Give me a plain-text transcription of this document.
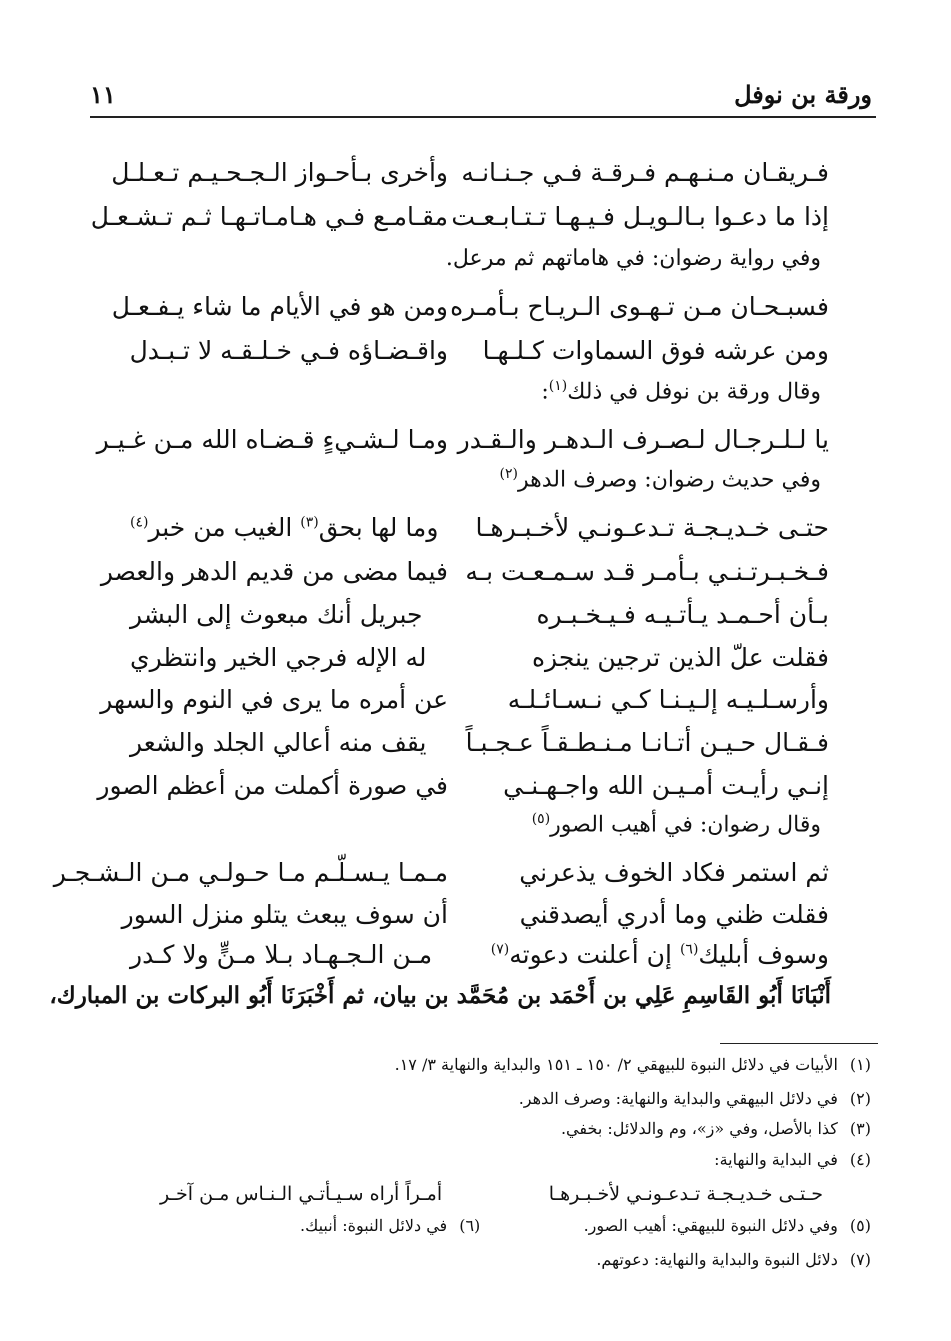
ورقة بن نوفل
١١
فـريقـان مـنـهـم فـرقـة فـي جـنـانـه
وأخرى بـأحـواز الـجـحـيـم تـعـلـل
إذا ما دعـوا بـالـويـل فـيـهـا تـتـابـعـت
مقـامـع فـي هـامـاتـهـا ثـم تـشـعـل
وفي رواية رضوان: في هاماتهم ثم مرعل.
فسبـحـان مـن تـهـوى الـريـاح بـأمـره
ومن هو في الأيام ما شاء يـفـعـل
ومن عرشه فوق السماوات كـلـهـا
واقـضـاؤه فـي خـلـقـه لا تـبـدل
وقال ورقة بن نوفل في ذلك$^{(١)}$:
يا لـلـرجـال لـصـرف الـدهـر والـقـدر
ومـا لـشـيءٍ قـضـاه الله مـن غـيـر
وفي حديث رضوان: وصرف الدهر$^{(٢)}$
حتـى خـديـجـة تـدعـونـي لأخـبـرهـا
وما لها بحق$^{(٣)}$ الغيب من خبر$^{(٤)}$
فـخـبـرتـنـي بـأمـر قـد سـمـعـت بـه
فيما مضى من قديم الدهر والعصر
بـأن أحـمـد يـأتـيـه فـيـخـبـره
جبريل أنك مبعوث إلى البشر
فقلت علّ الذين ترجين ينجزه
له الإله فرجي الخير وانتظري
وأرسـلـيـه إلـيـنـا كـي نـسـائـلـه
عن أمره ما يرى في النوم والسهر
فـقـال حـيـن أتـانـا مـنـطـقـاً عـجـبـاً
يقف منه أعالي الجلد والشعر
إنـي رأيـت أمـيـن الله واجـهـنـي
في صورة أكملت من أعظم الصور
وقال رضوان: في أهيب الصور$^{(٥)}$
ثم استمر فكاد الخوف يذعرني
مـمـا يـسـلّـم مـا حـولـي مـن الـشـجـر
فقلت ظني وما أدري أيصدقني
أن سوف يبعث يتلو منزل السور
وسوف أبليك$^{(٦)}$ إن أعلنت دعوته$^{(٧)}$
مـن الـجـهـاد بـلا مـنٍّ ولا كـدر
أَنْبَانَا أَبُو القَاسِمِ عَلِي بن أَحْمَد بن مُحَمَّد بن بيان، ثم أَخْبَرَنَا أَبُو البركات بن المبارك،
(١)الأبيات في دلائل النبوة للبيهقي ٢/ ١٥٠ ـ ١٥١ والبداية والنهاية ٣/ ١٧.
(٢)في دلائل البيهقي والبداية والنهاية: وصرف الدهر.
(٣)كذا بالأصل، وفي «ز»، وم والدلائل: بخفي.
(٤)في البداية والنهاية:
حـتـى خـديـجـة تـدعـونـي لأخـبـرهـا
أمـراً أراه سـيـأتـي الـنـاس مـن آخـر
(٥)وفي دلائل النبوة للبيهقي: أهيب الصور.
(٦)في دلائل النبوة: أنبيك.
(٧)دلائل النبوة والبداية والنهاية: دعوتهم.
